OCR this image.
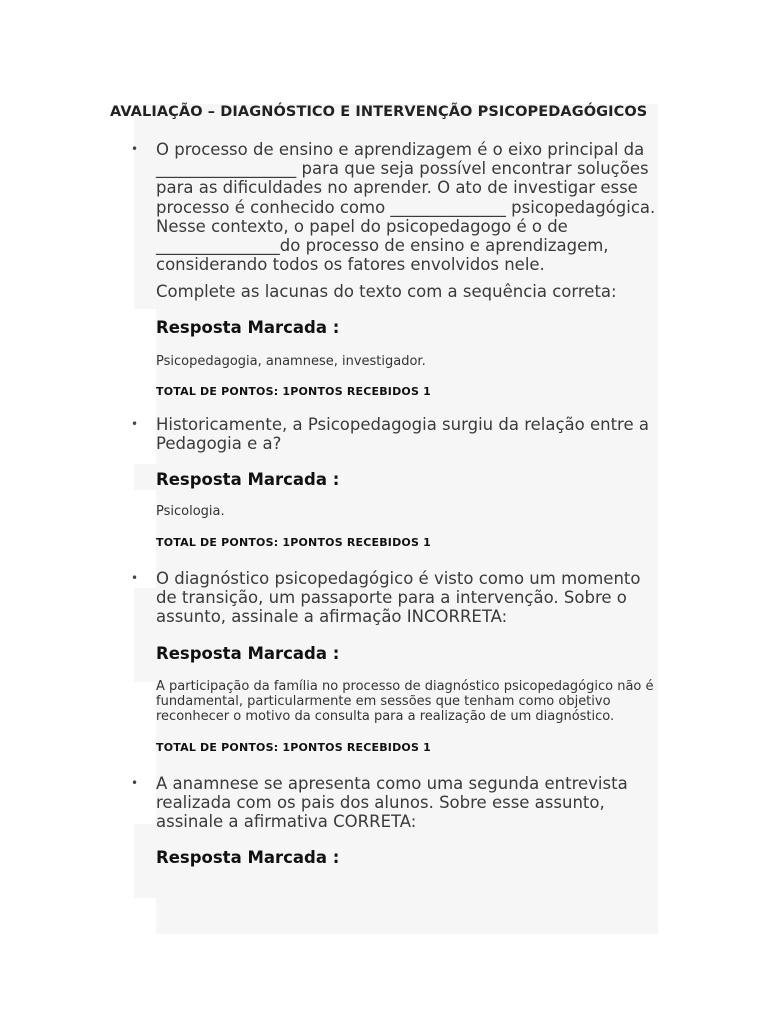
AVALIAÇÃO – DIAGNÓSTICO E INTERVENÇÃO PSICOPEDAGÓGICOS
• O processo de ensino e aprendizagem é o eixo principal da _________________ para que seja possível encontrar soluções para as dificuldades no aprender. O ato de investigar esse processo é conhecido como ______________ psicopedagógica. Nesse contexto, o papel do psicopedagogo é o de _______________do processo de ensino e aprendizagem, considerando todos os fatores envolvidos nele.

Complete as lacunas do texto com a sequência correta:

Resposta Marcada :

Psicopedagogia, anamnese, investigador.

TOTAL DE PONTOS: 1PONTOS RECEBIDOS 1

• Historicamente, a Psicopedagogia surgiu da relação entre a Pedagogia e a?

Resposta Marcada :

Psicologia.

TOTAL DE PONTOS: 1PONTOS RECEBIDOS 1

• O diagnóstico psicopedagógico é visto como um momento de transição, um passaporte para a intervenção. Sobre o assunto, assinale a afirmação INCORRETA:

Resposta Marcada :

A participação da família no processo de diagnóstico psicopedagógico não é fundamental, particularmente em sessões que tenham como objetivo reconhecer o motivo da consulta para a realização de um diagnóstico.

TOTAL DE PONTOS: 1PONTOS RECEBIDOS 1

• A anamnese se apresenta como uma segunda entrevista realizada com os pais dos alunos. Sobre esse assunto, assinale a afirmativa CORRETA:

Resposta Marcada :
